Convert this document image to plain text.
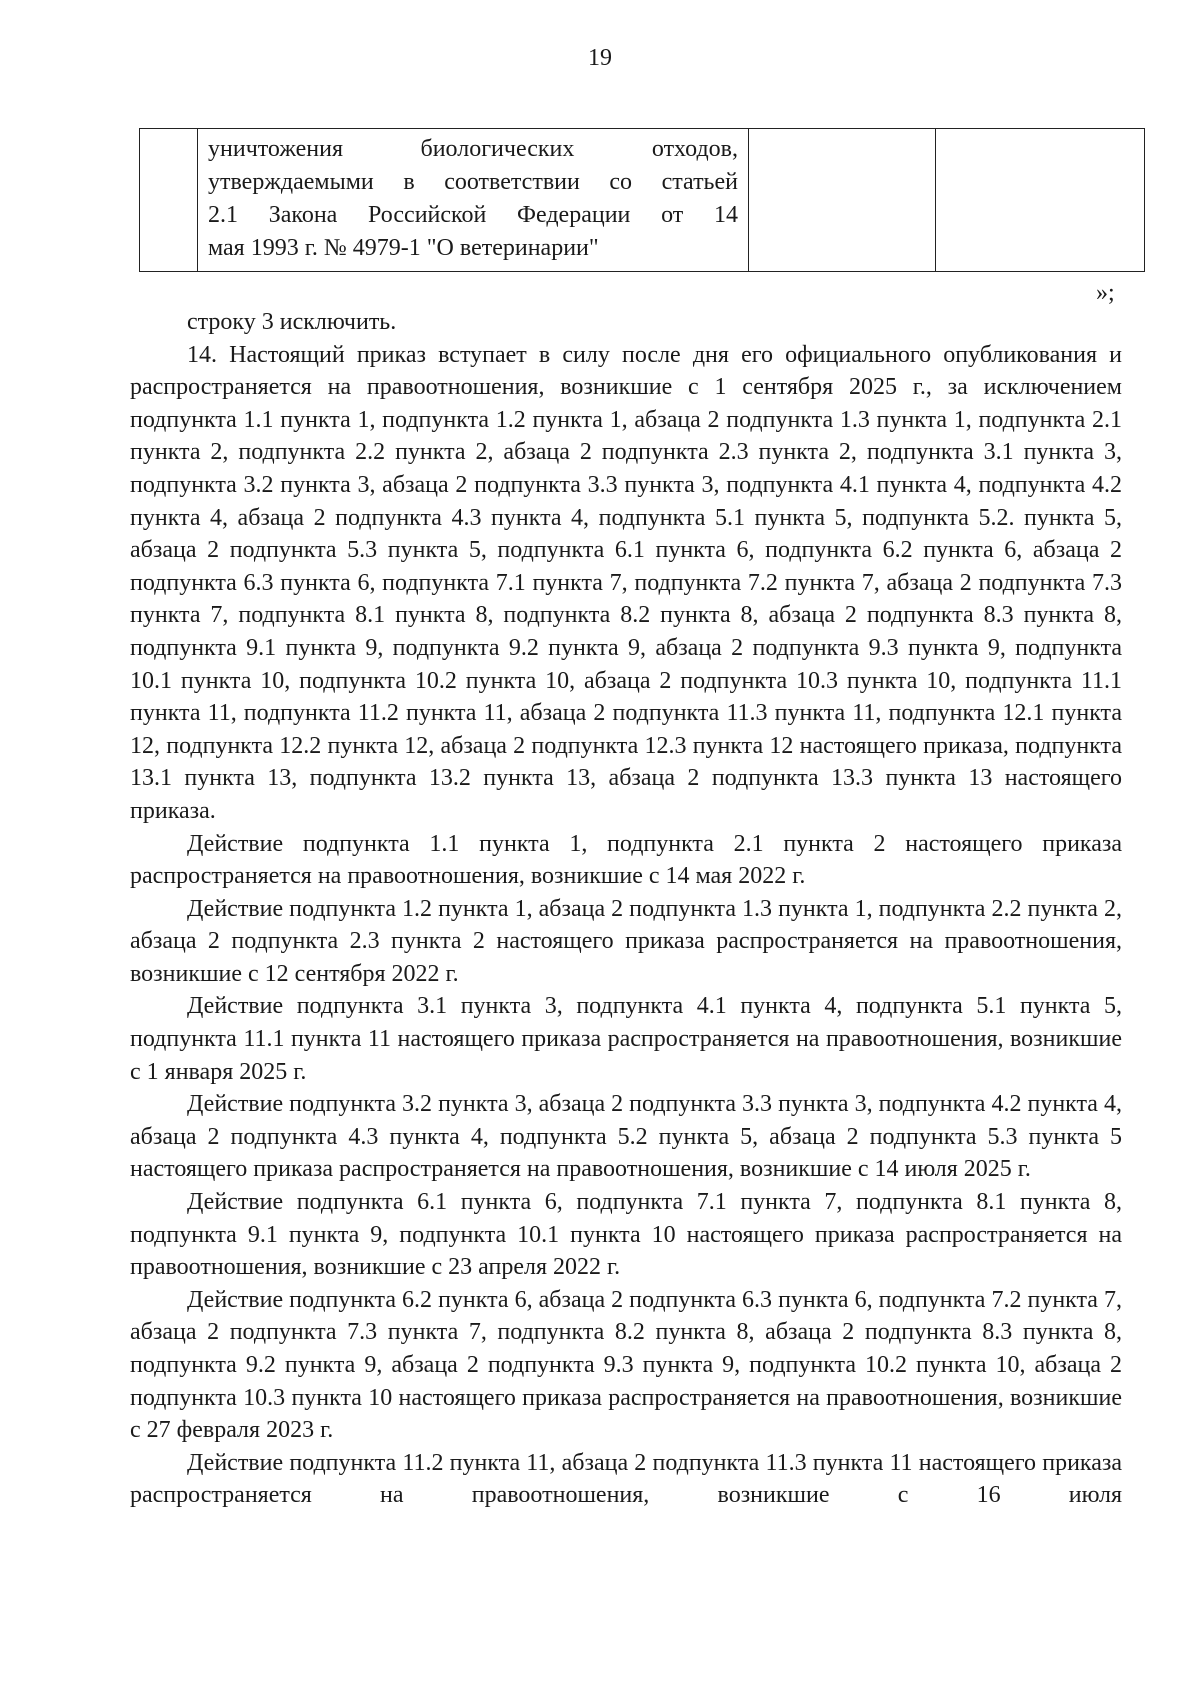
19

уничтожения биологических отходов,
утверждаемыми в соответствии со статьей
2.1 Закона Российской Федерации от 14
мая 1993 г. № 4979-1 "О ветеринарии"

»;

строку 3 исключить.

14. Настоящий приказ вступает в силу после дня его официального опубликования и распространяется на правоотношения, возникшие с 1 сентября 2025 г., за исключением подпункта 1.1 пункта 1, подпункта 1.2 пункта 1, абзаца 2 подпункта 1.3 пункта 1, подпункта 2.1 пункта 2, подпункта 2.2 пункта 2, абзаца 2 подпункта 2.3 пункта 2, подпункта 3.1 пункта 3, подпункта 3.2 пункта 3, абзаца 2 подпункта 3.3 пункта 3, подпункта 4.1 пункта 4, подпункта 4.2 пункта 4, абзаца 2 подпункта 4.3 пункта 4, подпункта 5.1 пункта 5, подпункта 5.2. пункта 5, абзаца 2 подпункта 5.3 пункта 5, подпункта 6.1 пункта 6, подпункта 6.2 пункта 6, абзаца 2 подпункта 6.3 пункта 6, подпункта 7.1 пункта 7, подпункта 7.2 пункта 7, абзаца 2 подпункта 7.3 пункта 7, подпункта 8.1 пункта 8, подпункта 8.2 пункта 8, абзаца 2 подпункта 8.3 пункта 8, подпункта 9.1 пункта 9, подпункта 9.2 пункта 9, абзаца 2 подпункта 9.3 пункта 9, подпункта 10.1 пункта 10, подпункта 10.2 пункта 10, абзаца 2 подпункта 10.3 пункта 10, подпункта 11.1 пункта 11, подпункта 11.2 пункта 11, абзаца 2 подпункта 11.3 пункта 11, подпункта 12.1 пункта 12, подпункта 12.2 пункта 12, абзаца 2 подпункта 12.3 пункта 12 настоящего приказа, подпункта 13.1 пункта 13, подпункта 13.2 пункта 13, абзаца 2 подпункта 13.3 пункта 13 настоящего приказа.

Действие подпункта 1.1 пункта 1, подпункта 2.1 пункта 2 настоящего приказа распространяется на правоотношения, возникшие с 14 мая 2022 г.

Действие подпункта 1.2 пункта 1, абзаца 2 подпункта 1.3 пункта 1, подпункта 2.2 пункта 2, абзаца 2 подпункта 2.3 пункта 2 настоящего приказа распространяется на правоотношения, возникшие с 12 сентября 2022 г.

Действие подпункта 3.1 пункта 3, подпункта 4.1 пункта 4, подпункта 5.1 пункта 5, подпункта 11.1 пункта 11 настоящего приказа распространяется на правоотношения, возникшие с 1 января 2025 г.

Действие подпункта 3.2 пункта 3, абзаца 2 подпункта 3.3 пункта 3, подпункта 4.2 пункта 4, абзаца 2 подпункта 4.3 пункта 4, подпункта 5.2 пункта 5, абзаца 2 подпункта 5.3 пункта 5 настоящего приказа распространяется на правоотношения, возникшие с 14 июля 2025 г.

Действие подпункта 6.1 пункта 6, подпункта 7.1 пункта 7, подпункта 8.1 пункта 8, подпункта 9.1 пункта 9, подпункта 10.1 пункта 10 настоящего приказа распространяется на правоотношения, возникшие с 23 апреля 2022 г.

Действие подпункта 6.2 пункта 6, абзаца 2 подпункта 6.3 пункта 6, подпункта 7.2 пункта 7, абзаца 2 подпункта 7.3 пункта 7, подпункта 8.2 пункта 8, абзаца 2 подпункта 8.3 пункта 8, подпункта 9.2 пункта 9, абзаца 2 подпункта 9.3 пункта 9, подпункта 10.2 пункта 10, абзаца 2 подпункта 10.3 пункта 10 настоящего приказа распространяется на правоотношения, возникшие с 27 февраля 2023 г.

Действие подпункта 11.2 пункта 11, абзаца 2 подпункта 11.3 пункта 11 настоящего приказа распространяется на правоотношения, возникшие с 16 июля
